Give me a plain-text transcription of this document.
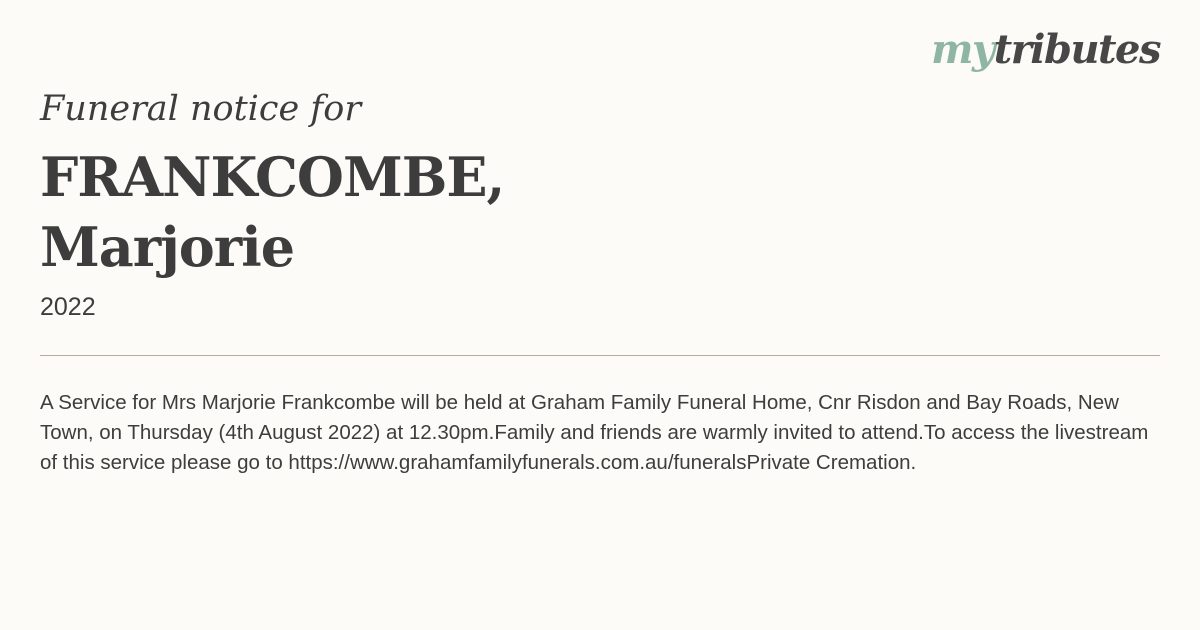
mytributes
Funeral notice for
FRANKCOMBE,
Marjorie
2022
A Service for Mrs Marjorie Frankcombe will be held at Graham Family Funeral Home, Cnr Risdon and Bay Roads, New Town, on Thursday (4th August 2022) at 12.30pm.Family and friends are warmly invited to attend.To access the livestream of this service please go to https://www.grahamfamilyfunerals.com.au/funeralsPrivate Cremation.
